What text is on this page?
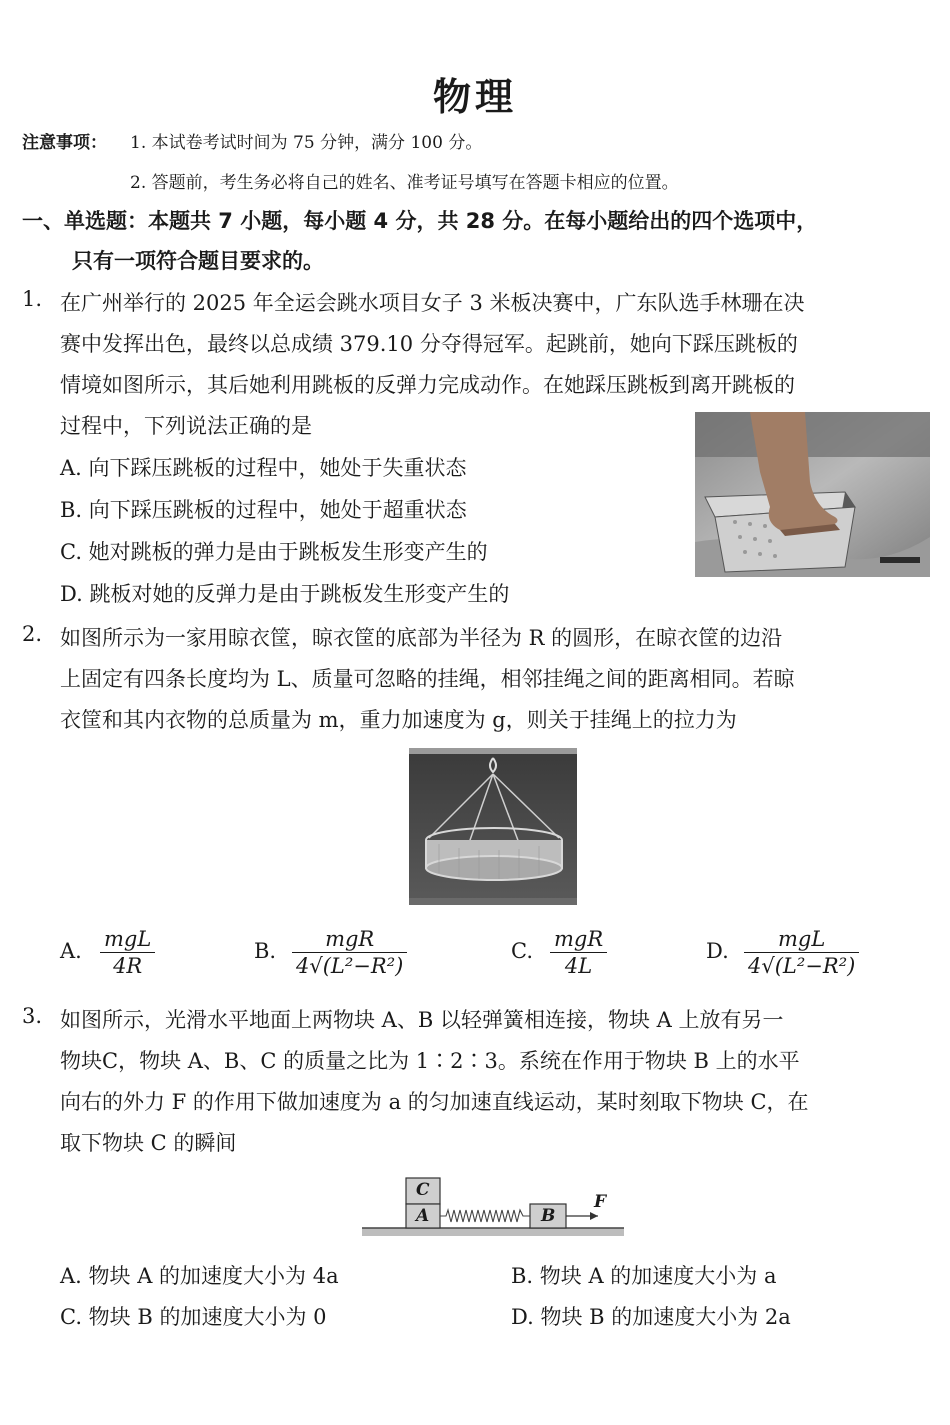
物理
注意事项： 1. 本试卷考试时间为 75 分钟，满分 100 分。
2. 答题前，考生务必将自己的姓名、准考证号填写在答题卡相应的位置。
一、单选题：本题共 7 小题，每小题 4 分，共 28 分。在每小题给出的四个选项中，
只有一项符合题目要求的。
1. 在广州举行的 2025 年全运会跳水项目女子 3 米板决赛中，广东队选手林珊在决
赛中发挥出色，最终以总成绩 379.10 分夺得冠军。起跳前，她向下踩压跳板的
情境如图所示，其后她利用跳板的反弹力完成动作。在她踩压跳板到离开跳板的
过程中，下列说法正确的是
A. 向下踩压跳板的过程中，她处于失重状态
B. 向下踩压跳板的过程中，她处于超重状态
C. 她对跳板的弹力是由于跳板发生形变产生的
D. 跳板对她的反弹力是由于跳板发生形变产生的
2. 如图所示为一家用晾衣筐，晾衣筐的底部为半径为 R 的圆形，在晾衣筐的边沿
上固定有四条长度均为 L、质量可忽略的挂绳，相邻挂绳之间的距离相同。若晾
衣筐和其内衣物的总质量为 m，重力加速度为 g，则关于挂绳上的拉力为
A. mgL
4R
B.	mgR
4√(L²−R²)
C. mgR
4L
D.	mgL
4√(L²−R²)
3. 如图所示，光滑水平地面上两物块 A、B 以轻弹簧相连接，物块 A 上放有另一
物块C，物块 A、B、C 的质量之比为 1∶2∶3。系统在作用于物块 B 上的水平
向右的外力 F 的作用下做加速度为 a 的匀加速直线运动，某时刻取下物块 C，在
取下物块 C 的瞬间
C
A	B
F
A. 物块 A 的加速度大小为 4a	B. 物块 A 的加速度大小为 a
C. 物块 B 的加速度大小为 0	D. 物块 B 的加速度大小为 2a
